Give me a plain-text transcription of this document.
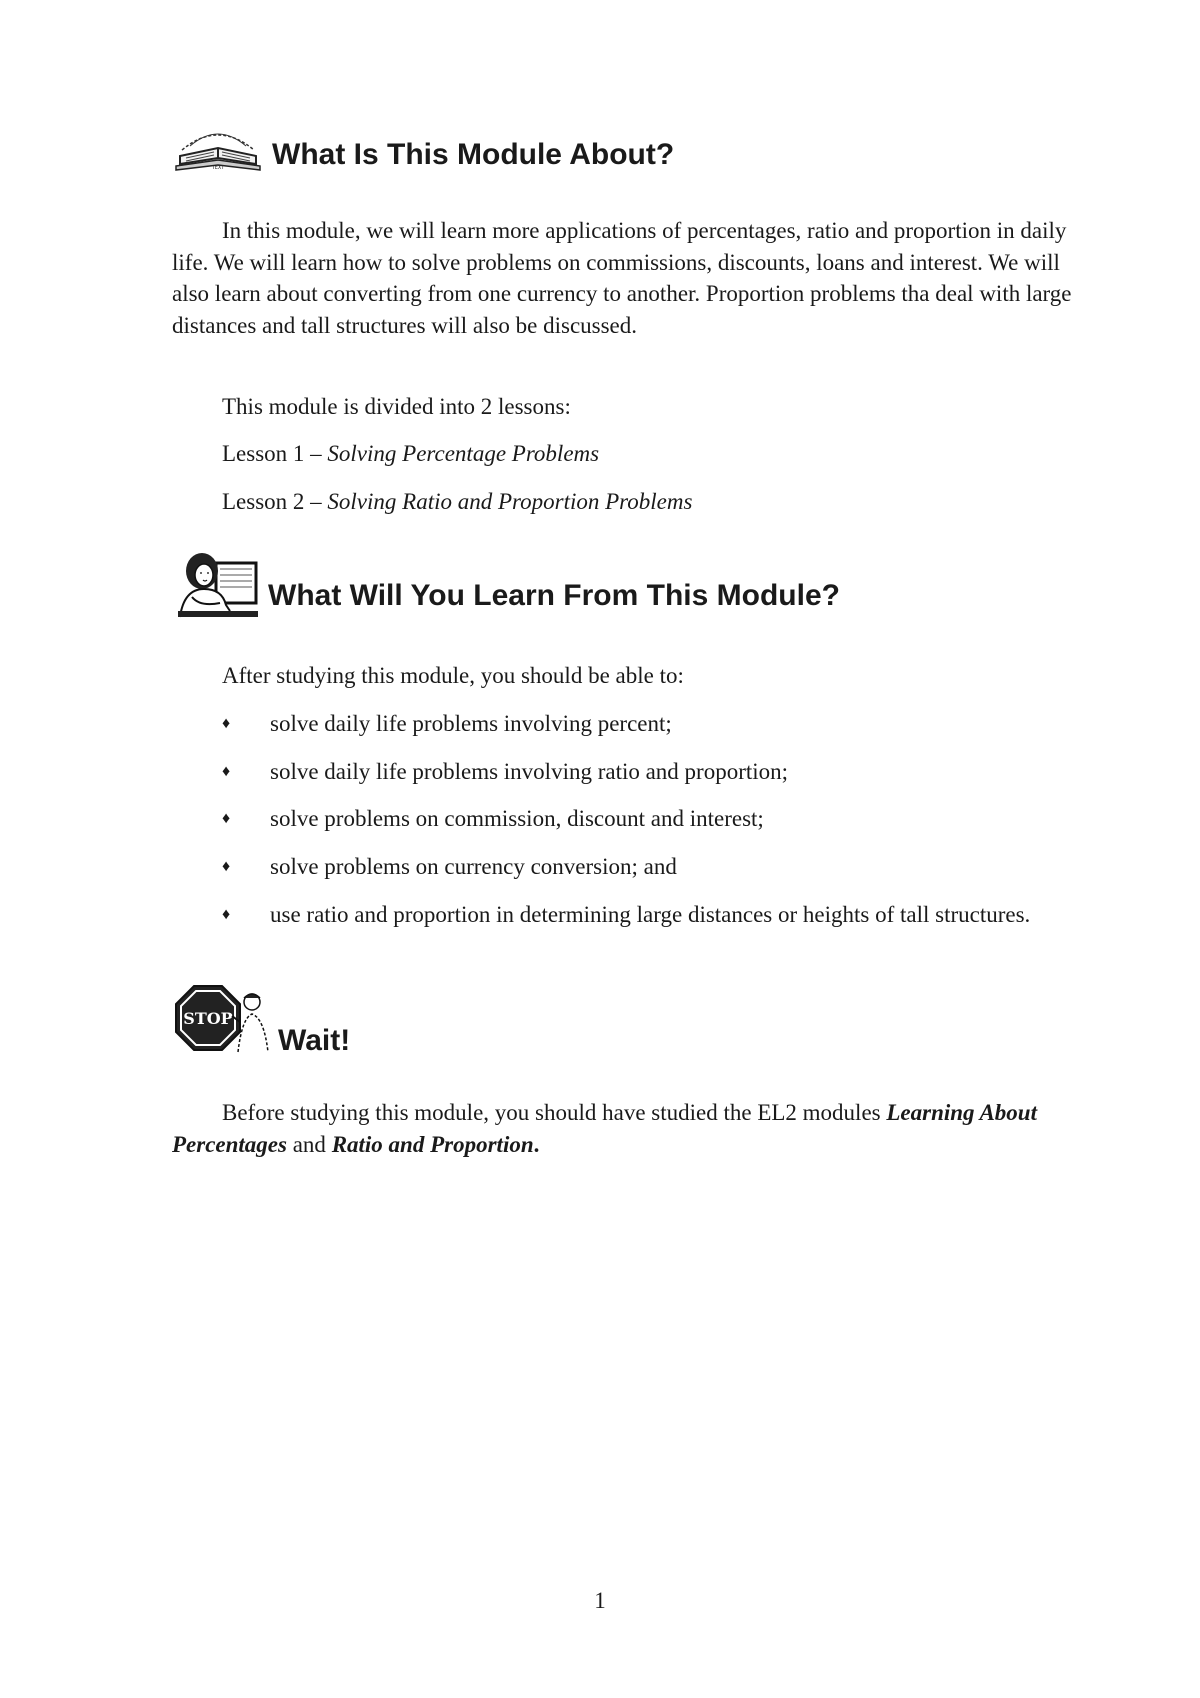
TEXT What Is This Module About?

In this module, we will learn more applications of percentages, ratio and proportion in daily life. We will learn how to solve problems on commissions, discounts, loans and interest. We will also learn about converting from one currency to another. Proportion problems tha deal with large distances and tall structures will also be discussed.

This module is divided into 2 lessons:
Lesson 1 – Solving Percentage Problems
Lesson 2 – Solving Ratio and Proportion Problems
What Will You Learn From This Module?
After studying this module, you should be able to:
♦	solve daily life problems involving percent;
♦	solve daily life problems involving ratio and proportion;
♦	solve problems on commission, discount and interest;
♦	solve problems on currency conversion; and
♦	use ratio and proportion in determining large distances or heights of tall structures.
STOP
Wait!

Before studying this module, you should have studied the EL2 modules Learning About Percentages and Ratio and Proportion.

1
